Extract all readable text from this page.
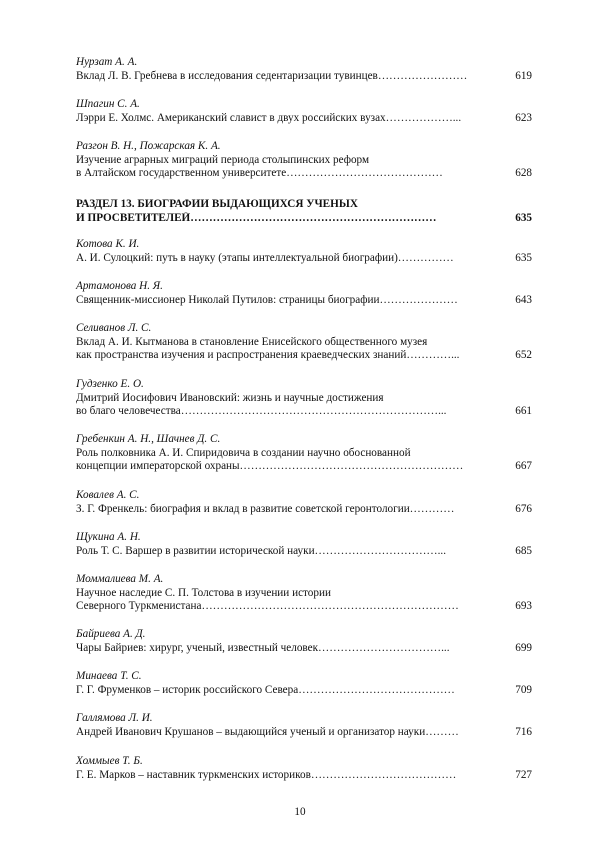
Нурзат А. А.
Вклад Л. В. Гребнева в исследования седентаризации тувинцев……………………	619
Шпагин С. А.
Лэрри Е. Холмс. Американский славист в двух российских вузах………………...	623
Разгон В. Н., Пожарская К. А.
Изучение аграрных миграций периода столыпинских реформ
в Алтайском государственном университете……………………………………	628
РАЗДЕЛ 13. БИОГРАФИИ ВЫДАЮЩИХСЯ УЧЕНЫХ
И ПРОСВЕТИТЕЛЕЙ…………………………………………………………	635
Котова К. И.
А. И. Сулоцкий: путь в науку (этапы интеллектуальной биографии)……………	635
Артамонова Н. Я.
Священник-миссионер Николай Путилов: страницы биографии…………………	643
Селиванов Л. С.
Вклад А. И. Кытманова в становление Енисейского общественного музея
как пространства изучения и распространения краеведческих знаний…………...	652
Гудзенко Е. О.
Дмитрий Иосифович Ивановский: жизнь и научные достижения
во благо человечества……………………………………………………………...	661
Гребенкин А. Н., Шачнев Д. С.
Роль полковника А. И. Спиридовича в создании научно обоснованной
концепции императорской охраны……………………………………………………	667
Ковалев А. С.
З. Г. Френкель: биография и вклад в развитие советской геронтологии…………	676
Щукина А. Н.
Роль Т. С. Варшер в развитии исторической науки……………………………...	685
Моммалиева М. А.
Научное наследие С. П. Толстова в изучении истории
Северного Туркменистана……………………………………………………………	693
Байриева А. Д.
Чары Байриев: хирург, ученый, известный человек……………………………...	699
Минаева Т. С.
Г. Г. Фруменков – историк российского Севера……………………………………	709
Галлямова Л. И.
Андрей Иванович Крушанов – выдающийся ученый и организатор науки………	716
Хоммыев Т. Б.
Г. Е. Марков – наставник туркменских историков…………………………………	727
10
